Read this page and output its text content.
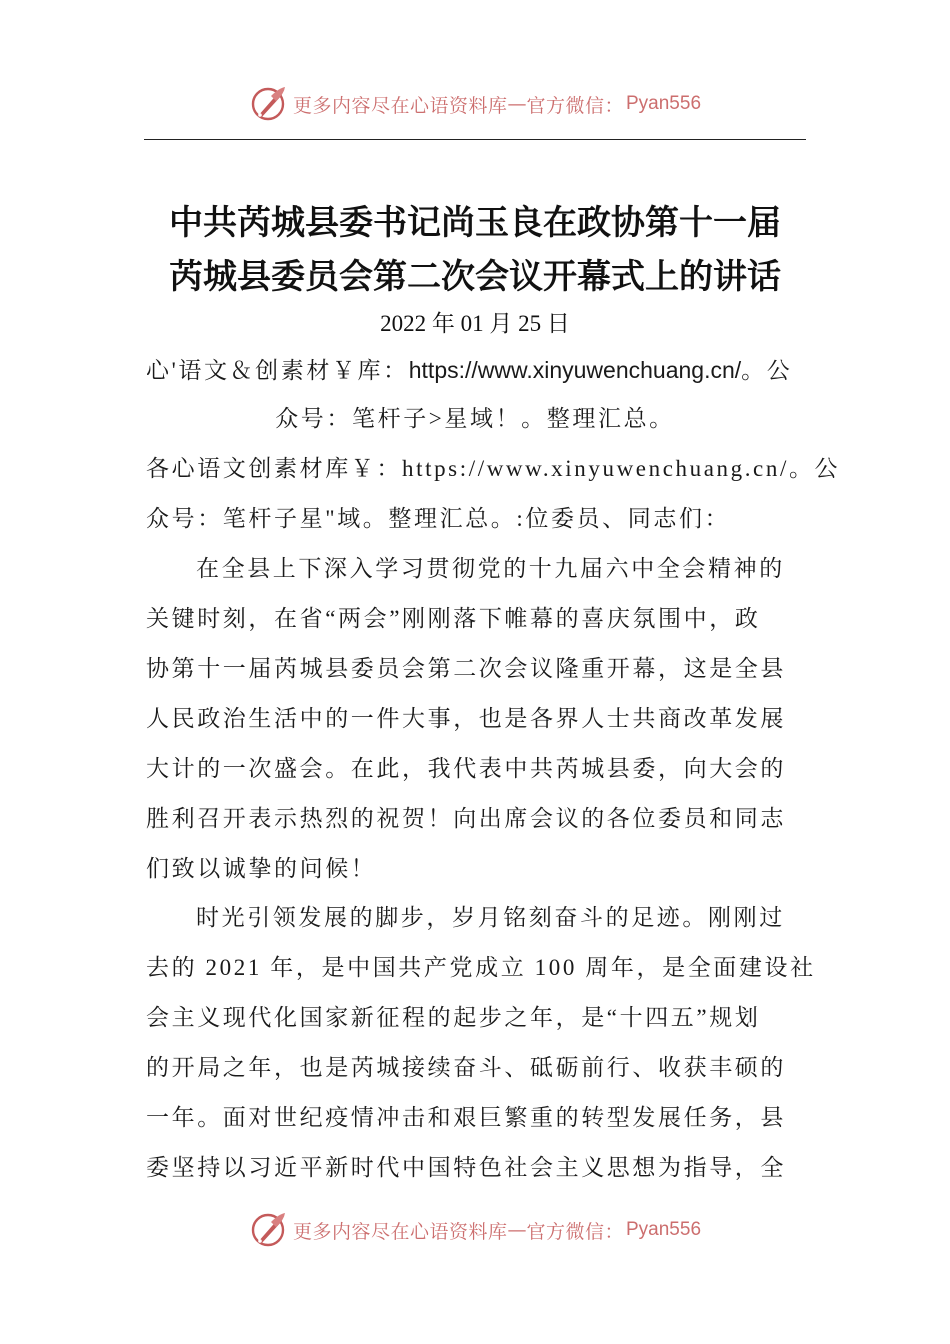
更多内容尽在心语资料库 — 官方微信： Pyan556
中共芮城县委书记尚玉良在政协第十一届
芮城县委员会第二次会议开幕式上的讲话
2022 年 01 月 25 日
心'语文＆创素材￥库：https://www.xinyuwenchuang.cn/。公
众号：笔杆子>星域！。整理汇总。
各心语文创素材库￥：https://www.xinyuwenchuang.cn/。公
众号：笔杆子星"域。整理汇总。:位委员、同志们：
在全县上下深入学习贯彻党的十九届六中全会精神的
关键时刻，在省“两会”刚刚落下帷幕的喜庆氛围中，政
协第十一届芮城县委员会第二次会议隆重开幕，这是全县
人民政治生活中的一件大事，也是各界人士共商改革发展
大计的一次盛会。在此，我代表中共芮城县委，向大会的
胜利召开表示热烈的祝贺！向出席会议的各位委员和同志
们致以诚挚的问候！
时光引领发展的脚步，岁月铭刻奋斗的足迹。刚刚过
去的 2021 年，是中国共产党成立 100 周年，是全面建设社
会主义现代化国家新征程的起步之年，是“十四五”规划
的开局之年，也是芮城接续奋斗、砥砺前行、收获丰硕的
一年。面对世纪疫情冲击和艰巨繁重的转型发展任务，县
委坚持以习近平新时代中国特色社会主义思想为指导，全
更多内容尽在心语资料库 — 官方微信： Pyan556
